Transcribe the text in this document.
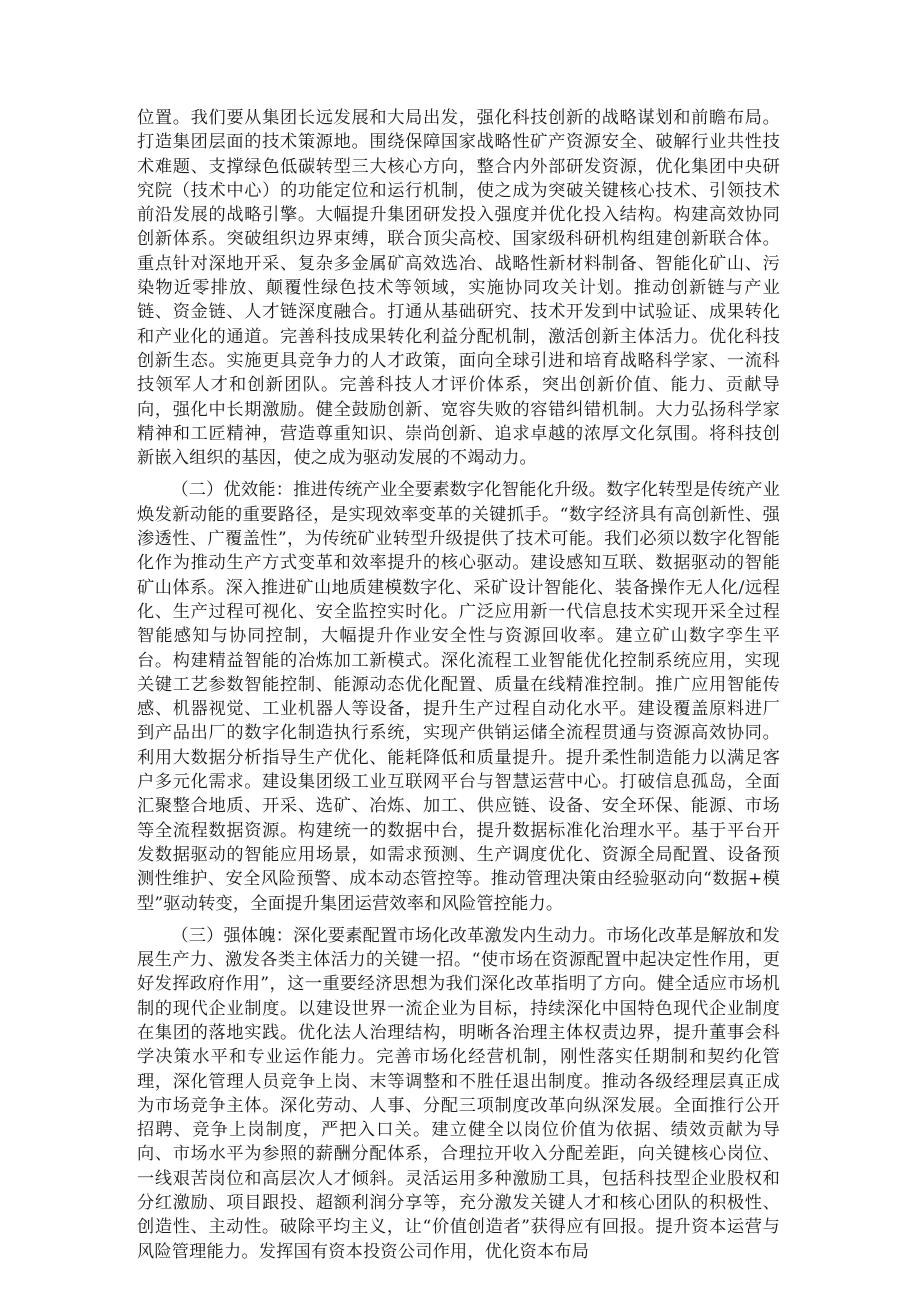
位置。我们要从集团长远发展和大局出发，强化科技创新的战略谋划和前瞻布局。打造集团层面的技术策源地。围绕保障国家战略性矿产资源安全、破解行业共性技术难题、支撑绿色低碳转型三大核心方向，整合内外部研发资源，优化集团中央研究院（技术中心）的功能定位和运行机制，使之成为突破关键核心技术、引领技术前沿发展的战略引擎。大幅提升集团研发投入强度并优化投入结构。构建高效协同创新体系。突破组织边界束缚，联合顶尖高校、国家级科研机构组建创新联合体。重点针对深地开采、复杂多金属矿高效选冶、战略性新材料制备、智能化矿山、污染物近零排放、颠覆性绿色技术等领域，实施协同攻关计划。推动创新链与产业链、资金链、人才链深度融合。打通从基础研究、技术开发到中试验证、成果转化和产业化的通道。完善科技成果转化利益分配机制，激活创新主体活力。优化科技创新生态。实施更具竞争力的人才政策，面向全球引进和培育战略科学家、一流科技领军人才和创新团队。完善科技人才评价体系，突出创新价值、能力、贡献导向，强化中长期激励。健全鼓励创新、宽容失败的容错纠错机制。大力弘扬科学家精神和工匠精神，营造尊重知识、崇尚创新、追求卓越的浓厚文化氛围。将科技创新嵌入组织的基因，使之成为驱动发展的不竭动力。

（二）优效能：推进传统产业全要素数字化智能化升级。数字化转型是传统产业焕发新动能的重要路径，是实现效率变革的关键抓手。“数字经济具有高创新性、强渗透性、广覆盖性”，为传统矿业转型升级提供了技术可能。我们必须以数字化智能化作为推动生产方式变革和效率提升的核心驱动。建设感知互联、数据驱动的智能矿山体系。深入推进矿山地质建模数字化、采矿设计智能化、装备操作无人化/远程化、生产过程可视化、安全监控实时化。广泛应用新一代信息技术实现开采全过程智能感知与协同控制，大幅提升作业安全性与资源回收率。建立矿山数字孪生平台。构建精益智能的冶炼加工新模式。深化流程工业智能优化控制系统应用，实现关键工艺参数智能控制、能源动态优化配置、质量在线精准控制。推广应用智能传感、机器视觉、工业机器人等设备，提升生产过程自动化水平。建设覆盖原料进厂到产品出厂的数字化制造执行系统，实现产供销运储全流程贯通与资源高效协同。利用大数据分析指导生产优化、能耗降低和质量提升。提升柔性制造能力以满足客户多元化需求。建设集团级工业互联网平台与智慧运营中心。打破信息孤岛，全面汇聚整合地质、开采、选矿、冶炼、加工、供应链、设备、安全环保、能源、市场等全流程数据资源。构建统一的数据中台，提升数据标准化治理水平。基于平台开发数据驱动的智能应用场景，如需求预测、生产调度优化、资源全局配置、设备预测性维护、安全风险预警、成本动态管控等。推动管理决策由经验驱动向“数据+模型”驱动转变，全面提升集团运营效率和风险管控能力。

（三）强体魄：深化要素配置市场化改革激发内生动力。市场化改革是解放和发展生产力、激发各类主体活力的关键一招。“使市场在资源配置中起决定性作用，更好发挥政府作用”，这一重要经济思想为我们深化改革指明了方向。健全适应市场机制的现代企业制度。以建设世界一流企业为目标，持续深化中国特色现代企业制度在集团的落地实践。优化法人治理结构，明晰各治理主体权责边界，提升董事会科学决策水平和专业运作能力。完善市场化经营机制，刚性落实任期制和契约化管理，深化管理人员竞争上岗、末等调整和不胜任退出制度。推动各级经理层真正成为市场竞争主体。深化劳动、人事、分配三项制度改革向纵深发展。全面推行公开招聘、竞争上岗制度，严把入口关。建立健全以岗位价值为依据、绩效贡献为导向、市场水平为参照的薪酬分配体系，合理拉开收入分配差距，向关键核心岗位、一线艰苦岗位和高层次人才倾斜。灵活运用多种激励工具，包括科技型企业股权和分红激励、项目跟投、超额利润分享等，充分激发关键人才和核心团队的积极性、创造性、主动性。破除平均主义，让“价值创造者”获得应有回报。提升资本运营与风险管理能力。发挥国有资本投资公司作用，优化资本布局
